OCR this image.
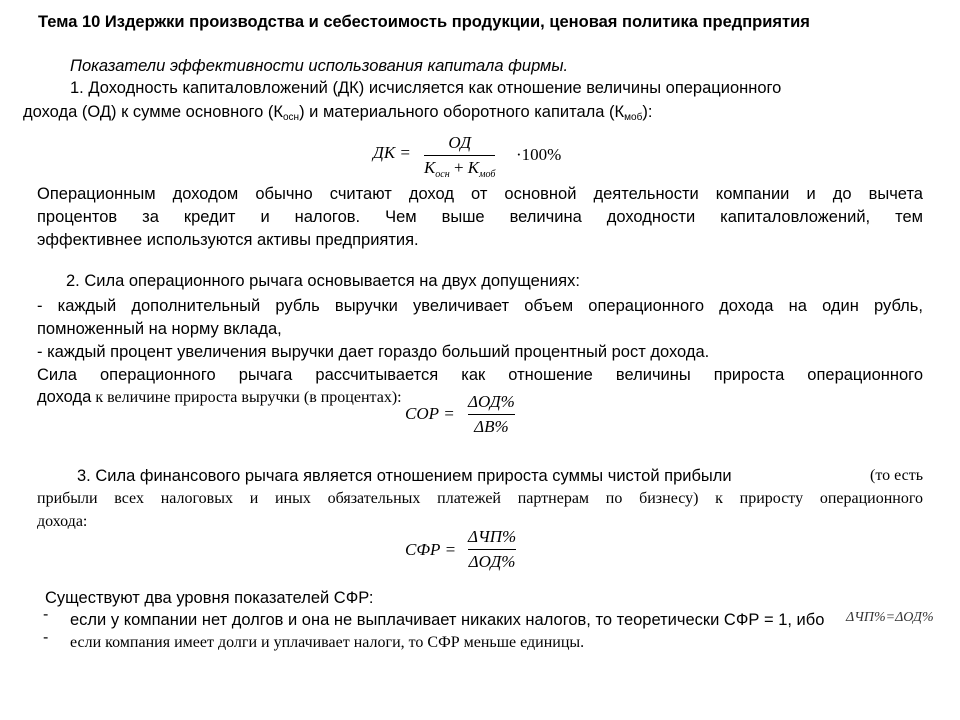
Тема 10 Издержки производства и себестоимость продукции, ценовая политика предприятия
Показатели эффективности использования капитала фирмы.
1. Доходность капиталовложений (ДК) исчисляется как отношение величины операционного
дохода (ОД) к сумме основного $(К_{осн})$ и материального оборотного капитала $(К_{моб})$:
ДК =
ОД
$К_{осн} + К_{моб}$
·100%
Операционным доходом обычно считают доход от основной деятельности компании и до вычета
процентов за кредит и налогов. Чем выше величина доходности капиталовложений, тем
эффективнее используются активы предприятия.
2. Сила операционного рычага основывается на двух допущениях:
- каждый дополнительный рубль выручки увеличивает объем операционного дохода на один рубль,
помноженный на норму вклада,
- каждый процент увеличения выручки дает гораздо больший процентный рост дохода.
Сила операционного рычага рассчитывается как отношение величины прироста операционного
дохода к величине прироста выручки (в процентах):
СОР =
ΔОД%
ΔВ%
3. Сила финансового рычага является отношением прироста суммы чистой прибыли	(то есть
прибыли всех налоговых и иных обязательных платежей партнерам по бизнесу) к приросту операционного
дохода:
СФР =
ΔЧП%
ΔОД%
Существуют два уровня показателей СФР:
- если у компании нет долгов и она не выплачивает никаких налогов, то теоретически СФР = 1, ибо ΔЧП%=ΔОД%
- если компания имеет долги и уплачивает налоги, то СФР меньше единицы.
